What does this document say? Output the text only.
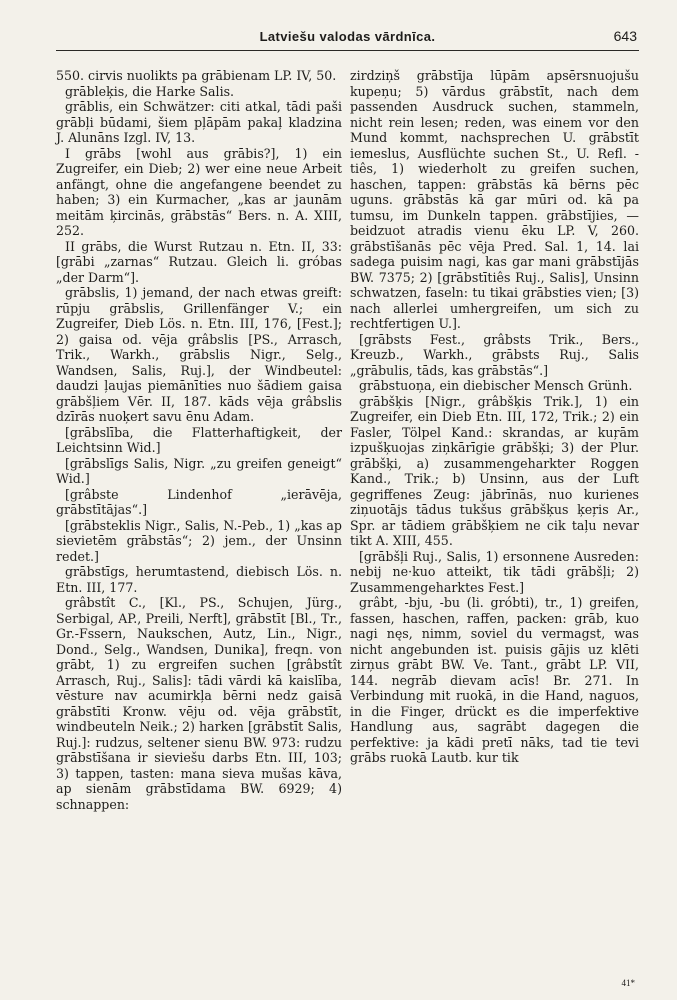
Latviešu valodas vārdnīca.	643

550. cirvis nuolikts pa grābienam LP. IV, 50.

grābleķis, die Harke Salis.

grāblis, ein Schwätzer: citi atkal, tādi paši grābļi būdami, šiem pļāpām pakaļ kladzina J. Alunāns Izgl. IV, 13.

I grābs [wohl aus grābis?], 1) ein Zugreifer, ein Dieb; 2) wer eine neue Arbeit anfängt, ohne die angefangene beendet zu haben; 3) ein Kurmacher, „kas ar jaunām meitām ķircinās, grābstās“ Bers. n. A. XIII, 252.

II grābs, die Wurst Rutzau n. Etn. II, 33: [grābi „zarnas“ Rutzau. Gleich li. gróbas „der Darm“].

grābslis, 1) jemand, der nach etwas greift: rūpju grābslis, Grillenfänger V.; ein Zugreifer, Dieb Lös. n. Etn. III, 176, [Fest.]; 2) gaisa od. vēja grâbslis [PS., Arrasch, Trik., Warkh., grābslis Nigr., Selg., Wandsen, Salis, Ruj.], der Windbeutel: daudzi ļaujas piemānīties nuo šādiem gaisa grābšļiem Vēr. II, 187. kāds vēja grâbslis dzīrās nuoķert savu ēnu Adam.

[grābslība, die Flatterhaftigkeit, der Leichtsinn Wid.]

[grābslīgs Salis, Nigr. „zu greifen geneigt“ Wid.]

[grâbste Lindenhof „ierāvēja, grābstītājas“.]

[grābsteklis Nigr., Salis, N.-Peb., 1) „kas ap sievietēm grābstās“; 2) jem., der Unsinn redet.]

grābstīgs, herumtastend, diebisch Lös. n. Etn. III, 177.

grâbstît C., [Kl., PS., Schujen, Jürg., Serbigal, AP., Preili, Nerft], grābstīt [Bl., Tr., Gr.-Fssern, Naukschen, Autz, Lin., Nigr., Dond., Selg., Wandsen, Dunika], freqn. von grābt, 1) zu ergreifen suchen [grâbstît Arrasch, Ruj., Salis]: tādi vārdi kā kaislība, vēsture nav acumirkļa bērni nedz gaisā grābstīti Kronw. vēju od. vēja grābstīt, windbeuteln Neik.; 2) harken [grābstīt Salis, Ruj.]: rudzus, seltener sienu BW. 973: rudzu grābstīšana ir sieviešu darbs Etn. III, 103; 3) tappen, tasten: mana sieva mušas kāva, ap sienām grābstīdama BW. 6929; 4) schnappen:

zirdziņš grābstīja lūpām apsērsnuojušu kupeņu; 5) vārdus grābstīt, nach dem passenden Ausdruck suchen, stammeln, nicht rein lesen; reden, was einem vor den Mund kommt, nachsprechen U. grābstīt iemeslus, Ausflüchte suchen St., U. Refl. -tiês, 1) wiederholt zu greifen suchen, haschen, tappen: grābstās kā bērns pēc uguns. grābstās kā gar mūri od. kā pa tumsu, im Dunkeln tappen. grābstījies, — beidzuot atradis vienu ēku LP. V, 260. grābstīšanās pēc vēja Pred. Sal. 1, 14. lai sadega puisim nagi, kas gar mani grābstījās BW. 7375; 2) [grābstītiês Ruj., Salis], Unsinn schwatzen, faseln: tu tikai grābsties vien; [3) nach allerlei umhergreifen, um sich zu rechtfertigen U.].

[grābsts Fest., grâbsts Trik., Bers., Kreuzb., Warkh., grābsts Ruj., Salis „grābulis, tāds, kas grābstās“.]

grābstuoņa, ein diebischer Mensch Grünh.

grābšķis [Nigr., grâbšķis Trik.], 1) ein Zugreifer, ein Dieb Etn. III, 172, Trik.; 2) ein Fasler, Tölpel Kand.: skrandas, ar kuŗām izpušķuojas ziņkārīgie grābšķi; 3) der Plur. grābšķi, a) zusammengeharkter Roggen Kand., Trik.; b) Unsinn, aus der Luft gegriffenes Zeug: jābrīnās, nuo kurienes ziņuotājs tādus tukšus grābšķus ķeŗis Ar., Spr. ar tādiem grābšķiem ne cik taļu nevar tikt A. XIII, 455.

[grābšļi Ruj., Salis, 1) ersonnene Ausreden: nebij ne·kuo atteikt, tik tādi grābšļi; 2) Zusammengeharktes Fest.]

grâbt, -bju, -bu (li. gróbti), tr., 1) greifen, fassen, haschen, raffen, packen: grāb, kuo nagi nęs, nimm, soviel du vermagst, was nicht angebunden ist. puisis gājis uz klēti zirņus grābt BW. Ve. Tant., grābt LP. VII, 144. negrāb dievam acīs! Br. 271. In Verbindung mit ruokā, in die Hand, naguos, in die Finger, drückt es die imperfektive Handlung aus, sagrābt dagegen die perfektive: ja kādi pretī nāks, tad tie tevi grābs ruokā Lautb. kur tik

41*
